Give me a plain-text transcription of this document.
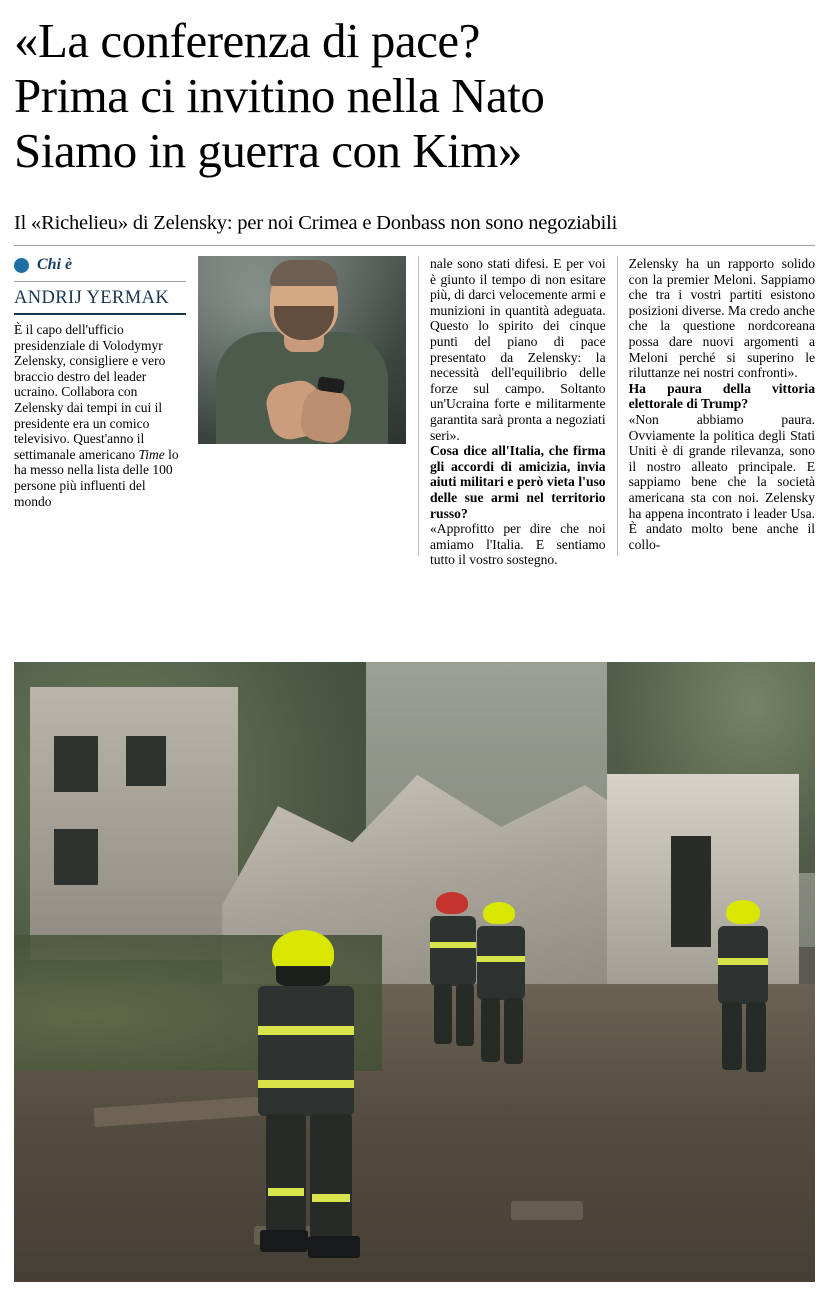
«La conferenza di pace?
Prima ci invitino nella Nato
Siamo in guerra con Kim»
Il «Richelieu» di Zelensky: per noi Crimea e Donbass non sono negoziabili
Chi è
ANDRIJ YERMAK
È il capo dell'ufficio presidenziale di Volodymyr Zelensky, consigliere e vero braccio destro del leader ucraino. Collabora con Zelensky dai tempi in cui il presidente era un comico televisivo. Quest'anno il settimanale americano Time lo ha messo nella lista delle 100 persone più influenti del mondo

nale sono stati difesi. E per voi è giunto il tempo di non esitare più, di darci velocemente armi e munizioni in quantità adeguata. Questo lo spirito dei cinque punti del piano di pace presentato da Zelensky: la necessità dell'equilibrio delle forze sul campo. Soltanto un'Ucraina forte e militarmente garantita sarà pronta a negoziati seri».

Cosa dice all'Italia, che firma gli accordi di amicizia, invia aiuti militari e però vieta l'uso delle sue armi nel territorio russo?

«Approfitto per dire che noi amiamo l'Italia. E sentiamo tutto il vostro sostegno.

Zelensky ha un rapporto solido con la premier Meloni. Sappiamo che tra i vostri partiti esistono posizioni diverse. Ma credo anche che la questione nordcoreana possa dare nuovi argomenti a Meloni perché si superino le riluttanze nei nostri confronti».

Ha paura della vittoria elettorale di Trump?

«Non abbiamo paura. Ovviamente la politica degli Stati Uniti è di grande rilevanza, sono il nostro alleato principale. E sappiamo bene che la società americana sta con noi. Zelensky ha appena incontrato i leader Usa. È andato molto bene anche il collo-
